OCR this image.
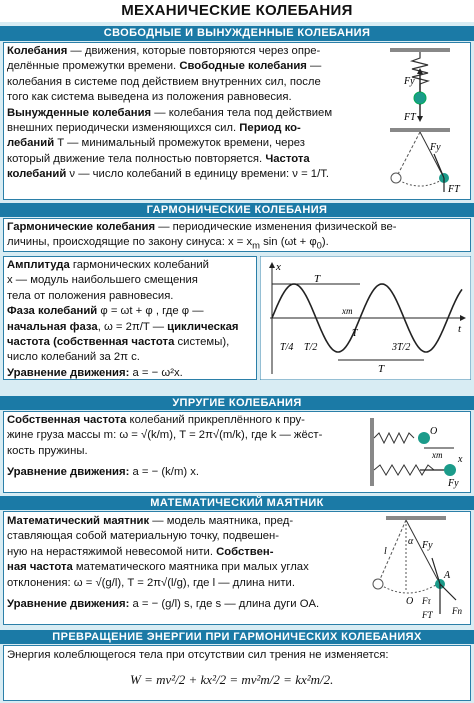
МЕХАНИЧЕСКИЕ КОЛЕБАНИЯ
СВОБОДНЫЕ И ВЫНУЖДЕННЫЕ КОЛЕБАНИЯ
Колебания — движения, которые повторяются через опре-
делённые промежутки времени. Свободные колебания —
колебания в системе под действием внутренних сил, после
того как система выведена из положения равновесия.
Вынужденные колебания — колебания тела под действием
внешних периодически изменяющихся сил. Период ко-
лебаний T — минимальный промежуток времени, через
который движение тела полностью повторяется. Частота
колебаний ν — число колебаний в единицу времени: ν = 1/T.
Fy
FT
Fy
FT
ГАРМОНИЧЕСКИЕ КОЛЕБАНИЯ
Гармонические колебания — периодические изменения физической ве-
личины, происходящие по закону синуса: $x = x_m$ $\sin (\omega t + \varphi_0)$.
Амплитуда гармонических колебаний
x — модуль наибольшего смещения
тела от положения равновесия.
Фаза колебаний φ = ωt + φ , где φ —
начальная фаза, ω = 2π/T — циклическая
частота (собственная частота системы),
число колебаний за 2π с.
Уравнение движения: a = − ω²x.
x
t
T
xm
T/4 T/2
T
3T/2
T
УПРУГИЕ КОЛЕБАНИЯ
Собственная частота колебаний прикреплённого к пру-
жине груза массы m: ω = √(k/m), T = 2π√(m/k), где k — жёст-
кость пружины.
Уравнение движения: a = − (k/m) x.
O
xm
Fy
x
МАТЕМАТИЧЕСКИЙ МАЯТНИК
Математический маятник — модель маятника, пред-
ставляющая собой материальную точку, подвешен-
ную на нерастяжимой невесомой нити. Собствен-
ная частота математического маятника при малых углах
отклонения: ω = √(g/l), T = 2π√(l/g), где l — длина нити.
Уравнение движения: a = − (g/l) s, где s — длина дуги OA.
Fy
l
α
O
A
Fn
FT
Fτ
ПРЕВРАЩЕНИЕ ЭНЕРГИИ ПРИ ГАРМОНИЧЕСКИХ КОЛЕБАНИЯХ
Энергия колеблющегося тела при отсутствии сил трения не изменяется:
W = mv²/2 + kx²/2 = mv²m/2 = kx²m/2.
